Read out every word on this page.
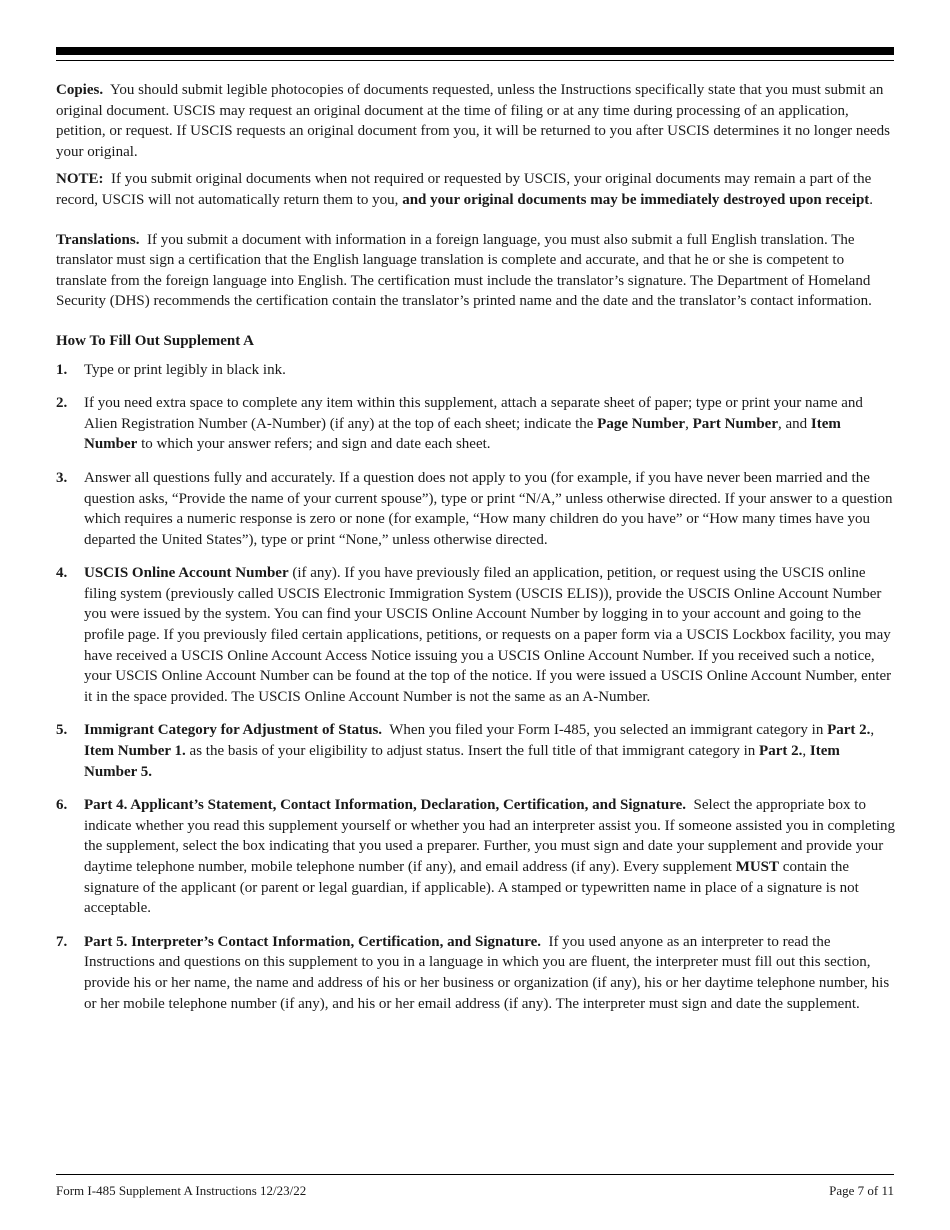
Copies. You should submit legible photocopies of documents requested, unless the Instructions specifically state that you must submit an original document. USCIS may request an original document at the time of filing or at any time during processing of an application, petition, or request. If USCIS requests an original document from you, it will be returned to you after USCIS determines it no longer needs your original.

NOTE: If you submit original documents when not required or requested by USCIS, your original documents may remain a part of the record, USCIS will not automatically return them to you, and your original documents may be immediately destroyed upon receipt.

Translations. If you submit a document with information in a foreign language, you must also submit a full English translation. The translator must sign a certification that the English language translation is complete and accurate, and that he or she is competent to translate from the foreign language into English. The certification must include the translator’s signature. The Department of Homeland Security (DHS) recommends the certification contain the translator’s printed name and the date and the translator’s contact information.

How To Fill Out Supplement A

1. Type or print legibly in black ink.
2. If you need extra space to complete any item within this supplement, attach a separate sheet of paper; type or print your name and Alien Registration Number (A-Number) (if any) at the top of each sheet; indicate the Page Number, Part Number, and Item Number to which your answer refers; and sign and date each sheet.
3. Answer all questions fully and accurately. If a question does not apply to you (for example, if you have never been married and the question asks, “Provide the name of your current spouse”), type or print “N/A,” unless otherwise directed. If your answer to a question which requires a numeric response is zero or none (for example, “How many children do you have” or “How many times have you departed the United States”), type or print “None,” unless otherwise directed.
4. USCIS Online Account Number (if any). If you have previously filed an application, petition, or request using the USCIS online filing system (previously called USCIS Electronic Immigration System (USCIS ELIS)), provide the USCIS Online Account Number you were issued by the system. You can find your USCIS Online Account Number by logging in to your account and going to the profile page. If you previously filed certain applications, petitions, or requests on a paper form via a USCIS Lockbox facility, you may have received a USCIS Online Account Access Notice issuing you a USCIS Online Account Number. If you received such a notice, your USCIS Online Account Number can be found at the top of the notice. If you were issued a USCIS Online Account Number, enter it in the space provided. The USCIS Online Account Number is not the same as an A-Number.
5. Immigrant Category for Adjustment of Status. When you filed your Form I-485, you selected an immigrant category in Part 2., Item Number 1. as the basis of your eligibility to adjust status. Insert the full title of that immigrant category in Part 2., Item Number 5.
6. Part 4. Applicant’s Statement, Contact Information, Declaration, Certification, and Signature. Select the appropriate box to indicate whether you read this supplement yourself or whether you had an interpreter assist you. If someone assisted you in completing the supplement, select the box indicating that you used a preparer. Further, you must sign and date your supplement and provide your daytime telephone number, mobile telephone number (if any), and email address (if any). Every supplement MUST contain the signature of the applicant (or parent or legal guardian, if applicable). A stamped or typewritten name in place of a signature is not acceptable.
7. Part 5. Interpreter’s Contact Information, Certification, and Signature. If you used anyone as an interpreter to read the Instructions and questions on this supplement to you in a language in which you are fluent, the interpreter must fill out this section, provide his or her name, the name and address of his or her business or organization (if any), his or her daytime telephone number, his or her mobile telephone number (if any), and his or her email address (if any). The interpreter must sign and date the supplement.
Form I-485 Supplement A Instructions 12/23/22	Page 7 of 11
